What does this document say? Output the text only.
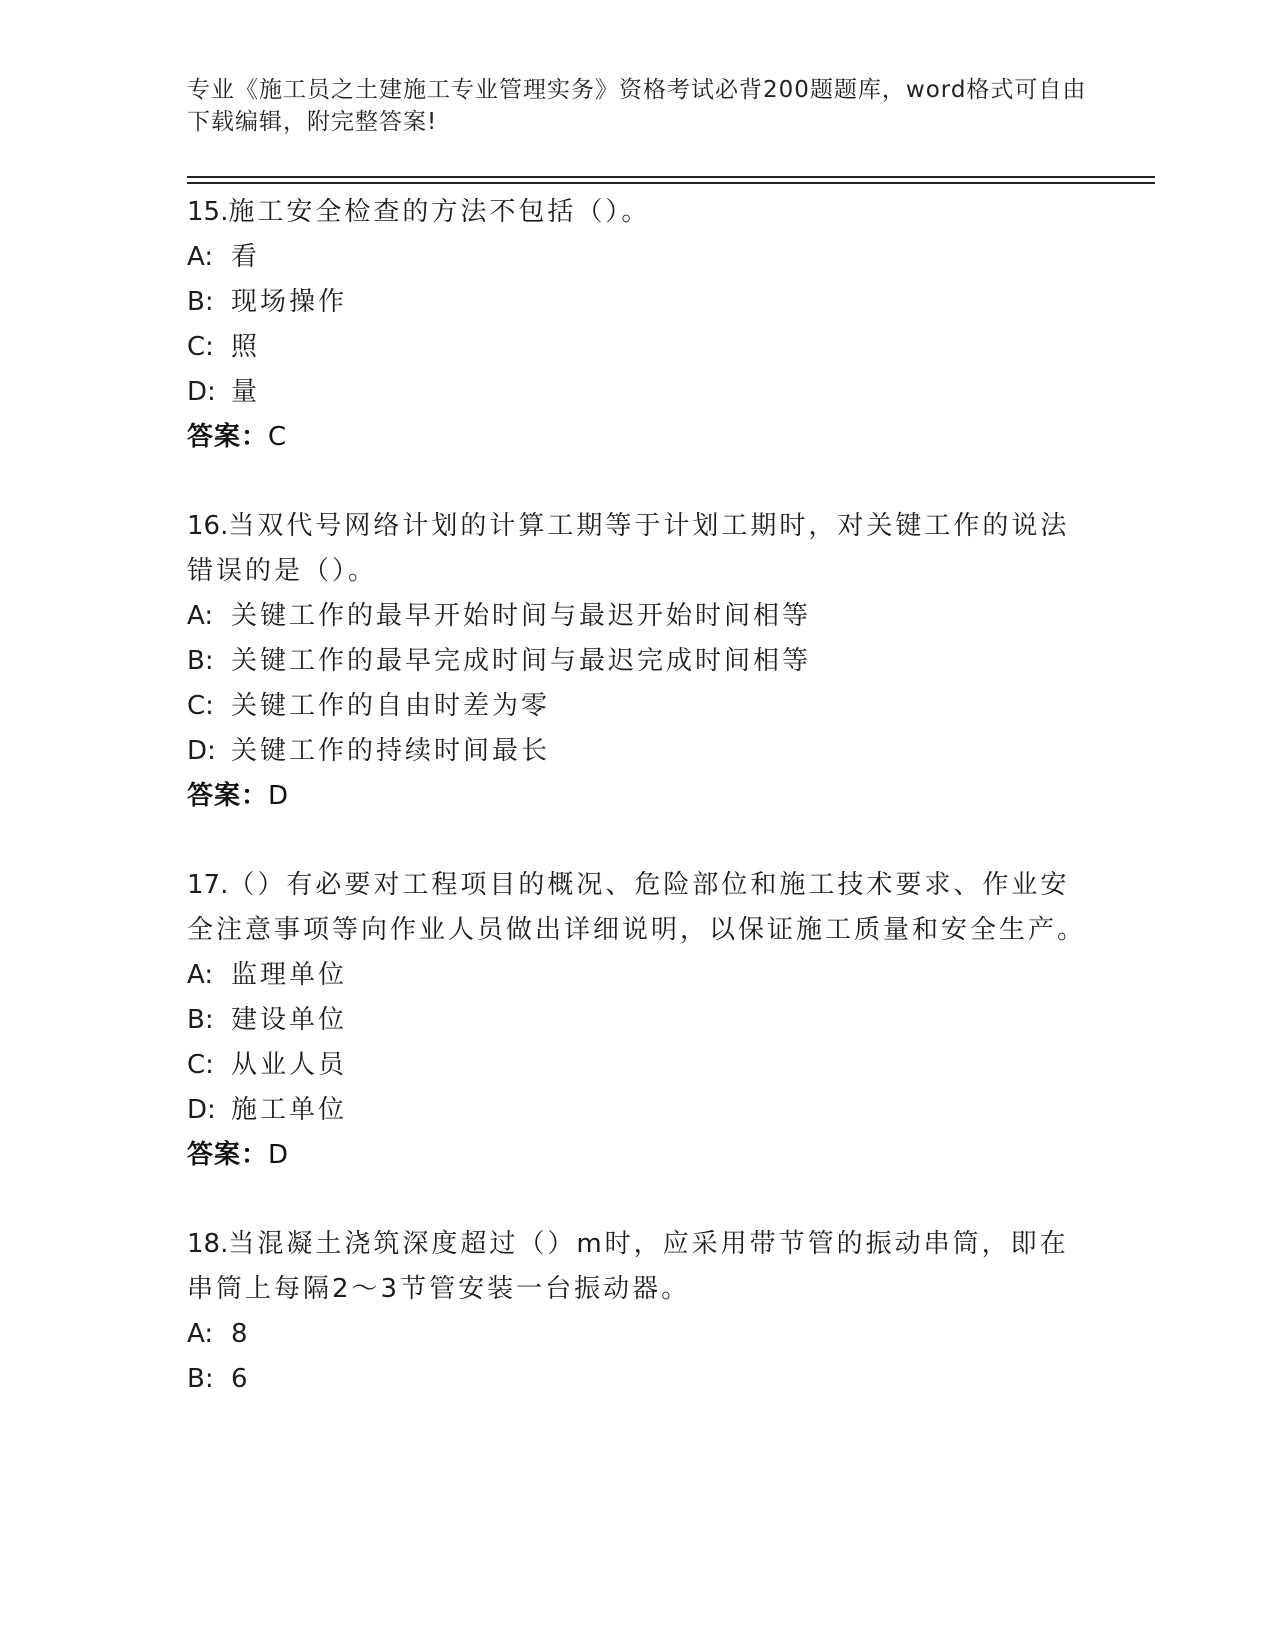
专业《施工员之土建施工专业管理实务》资格考试必背200题题库，word格式可自由下载编辑，附完整答案!
15.施工安全检查的方法不包括（）。
A: 看
B: 现场操作
C: 照
D: 量
答案：C
16.当双代号网络计划的计算工期等于计划工期时，对关键工作的说法错误的是（）。
A: 关键工作的最早开始时间与最迟开始时间相等
B: 关键工作的最早完成时间与最迟完成时间相等
C: 关键工作的自由时差为零
D: 关键工作的持续时间最长
答案：D
17.（）有必要对工程项目的概况、危险部位和施工技术要求、作业安全注意事项等向作业人员做出详细说明，以保证施工质量和安全生产。
A: 监理单位
B: 建设单位
C: 从业人员
D: 施工单位
答案：D
18.当混凝土浇筑深度超过（）m时，应采用带节管的振动串筒，即在串筒上每隔2～3节管安装一台振动器。
A: 8
B: 6
